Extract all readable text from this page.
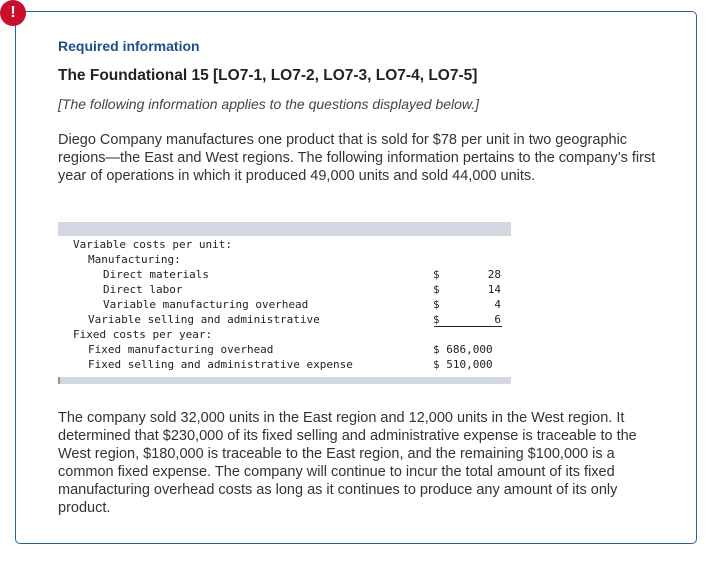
!
Required information
The Foundational 15 [LO7-1, LO7-2, LO7-3, LO7-4, LO7-5]
[The following information applies to the questions displayed below.]
Diego Company manufactures one product that is sold for $78 per unit in two geographic regions—the East and West regions. The following information pertains to the company’s first year of operations in which it produced 49,000 units and sold 44,000 units.
Variable costs per unit:
Manufacturing:
Direct materials	$	28
Direct labor	$	14
Variable manufacturing overhead	$	4
Variable selling and administrative	$	6
Fixed costs per year:
Fixed manufacturing overhead	$ 686,000
Fixed selling and administrative expense	$ 510,000
The company sold 32,000 units in the East region and 12,000 units in the West region. It determined that $230,000 of its fixed selling and administrative expense is traceable to the West region, $180,000 is traceable to the East region, and the remaining $100,000 is a common fixed expense. The company will continue to incur the total amount of its fixed manufacturing overhead costs as long as it continues to produce any amount of its only product.
